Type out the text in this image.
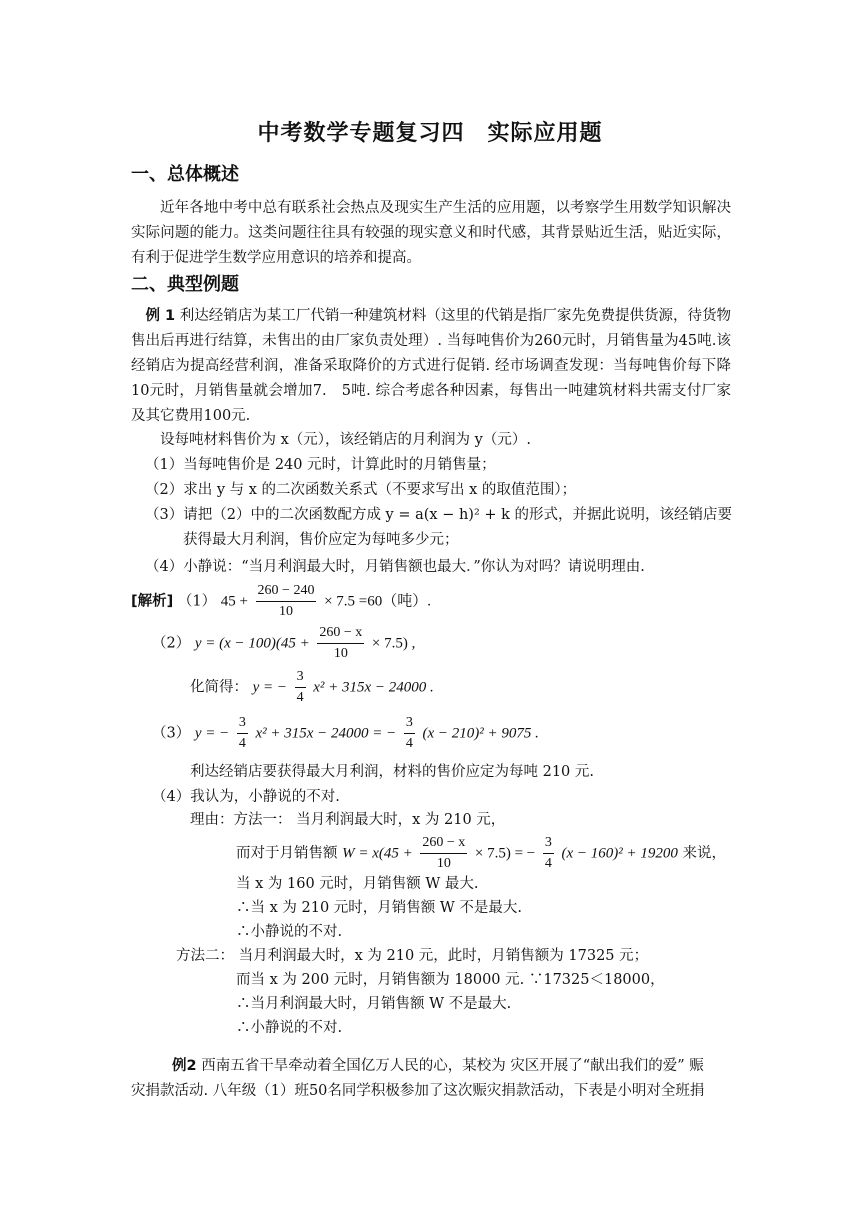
中考数学专题复习四　实际应用题
一、总体概述
近年各地中考中总有联系社会热点及现实生产生活的应用题，以考察学生用数学知识解决实际问题的能力。这类问题往往具有较强的现实意义和时代感，其背景贴近生活，贴近实际，有利于促进学生数学应用意识的培养和提高。
二、典型例题
例 1 利达经销店为某工厂代销一种建筑材料（这里的代销是指厂家先免费提供货源，待货物售出后再进行结算，未售出的由厂家负责处理）. 当每吨售价为260元时，月销售量为45吨.该经销店为提高经营利润，准备采取降价的方式进行促销. 经市场调查发现：当每吨售价每下降10元时，月销售量就会增加7.　5吨. 综合考虑各种因素，每售出一吨建筑材料共需支付厂家及其它费用100元.
设每吨材料售价为 x（元），该经销店的月利润为 y（元）.
（1）当每吨售价是 240 元时，计算此时的月销售量；
（2）求出 y 与 x 的二次函数关系式（不要求写出 x 的取值范围）；
（3）请把（2）中的二次函数配方成 y = a(x − h)² + k 的形式，并据此说明，该经销店要
获得最大月利润，售价应定为每吨多少元；
（4）小静说：“当月利润最大时，月销售额也最大．”你认为对吗？请说明理由.
[解析] （1） $45 + \frac{260 - 240}{10} \times 7.5 =60$（吨）.
（2） $y = (x - 100)(45 + \frac{260 - x}{10} \times 7.5)$ ,
化简得： y = − $\frac{3}{4} x^2 + 315x - 24000$ .
（3） y = − $\frac{3}{4} x^2 + 315x - 24000$ = − $\frac{3}{4} (x - 210)^2 + 9075$ .
利达经销店要获得最大月利润，材料的售价应定为每吨 210 元.
（4）我认为，小静说的不对.
理由：方法一： 当月利润最大时，x 为 210 元，
而对于月销售额 $W = x(45 + \frac{260 - x}{10} \times 7.5)$ = − $\frac{3}{4} (x - 160)^2 + 19200$ 来说，
当 x 为 160 元时，月销售额 W 最大.
∴当 x 为 210 元时，月销售额 W 不是最大.
∴小静说的不对.
方法二： 当月利润最大时，x 为 210 元，此时，月销售额为 17325 元；
而当 x 为 200 元时，月销售额为 18000 元. ∵17325＜18000，
∴当月利润最大时，月销售额 W 不是最大.
∴小静说的不对.
例2 西南五省干旱牵动着全国亿万人民的心，某校为 灾区开展了“献出我们的爱” 赈
灾捐款活动. 八年级（1）班50名同学积极参加了这次赈灾捐款活动，下表是小明对全班捐
